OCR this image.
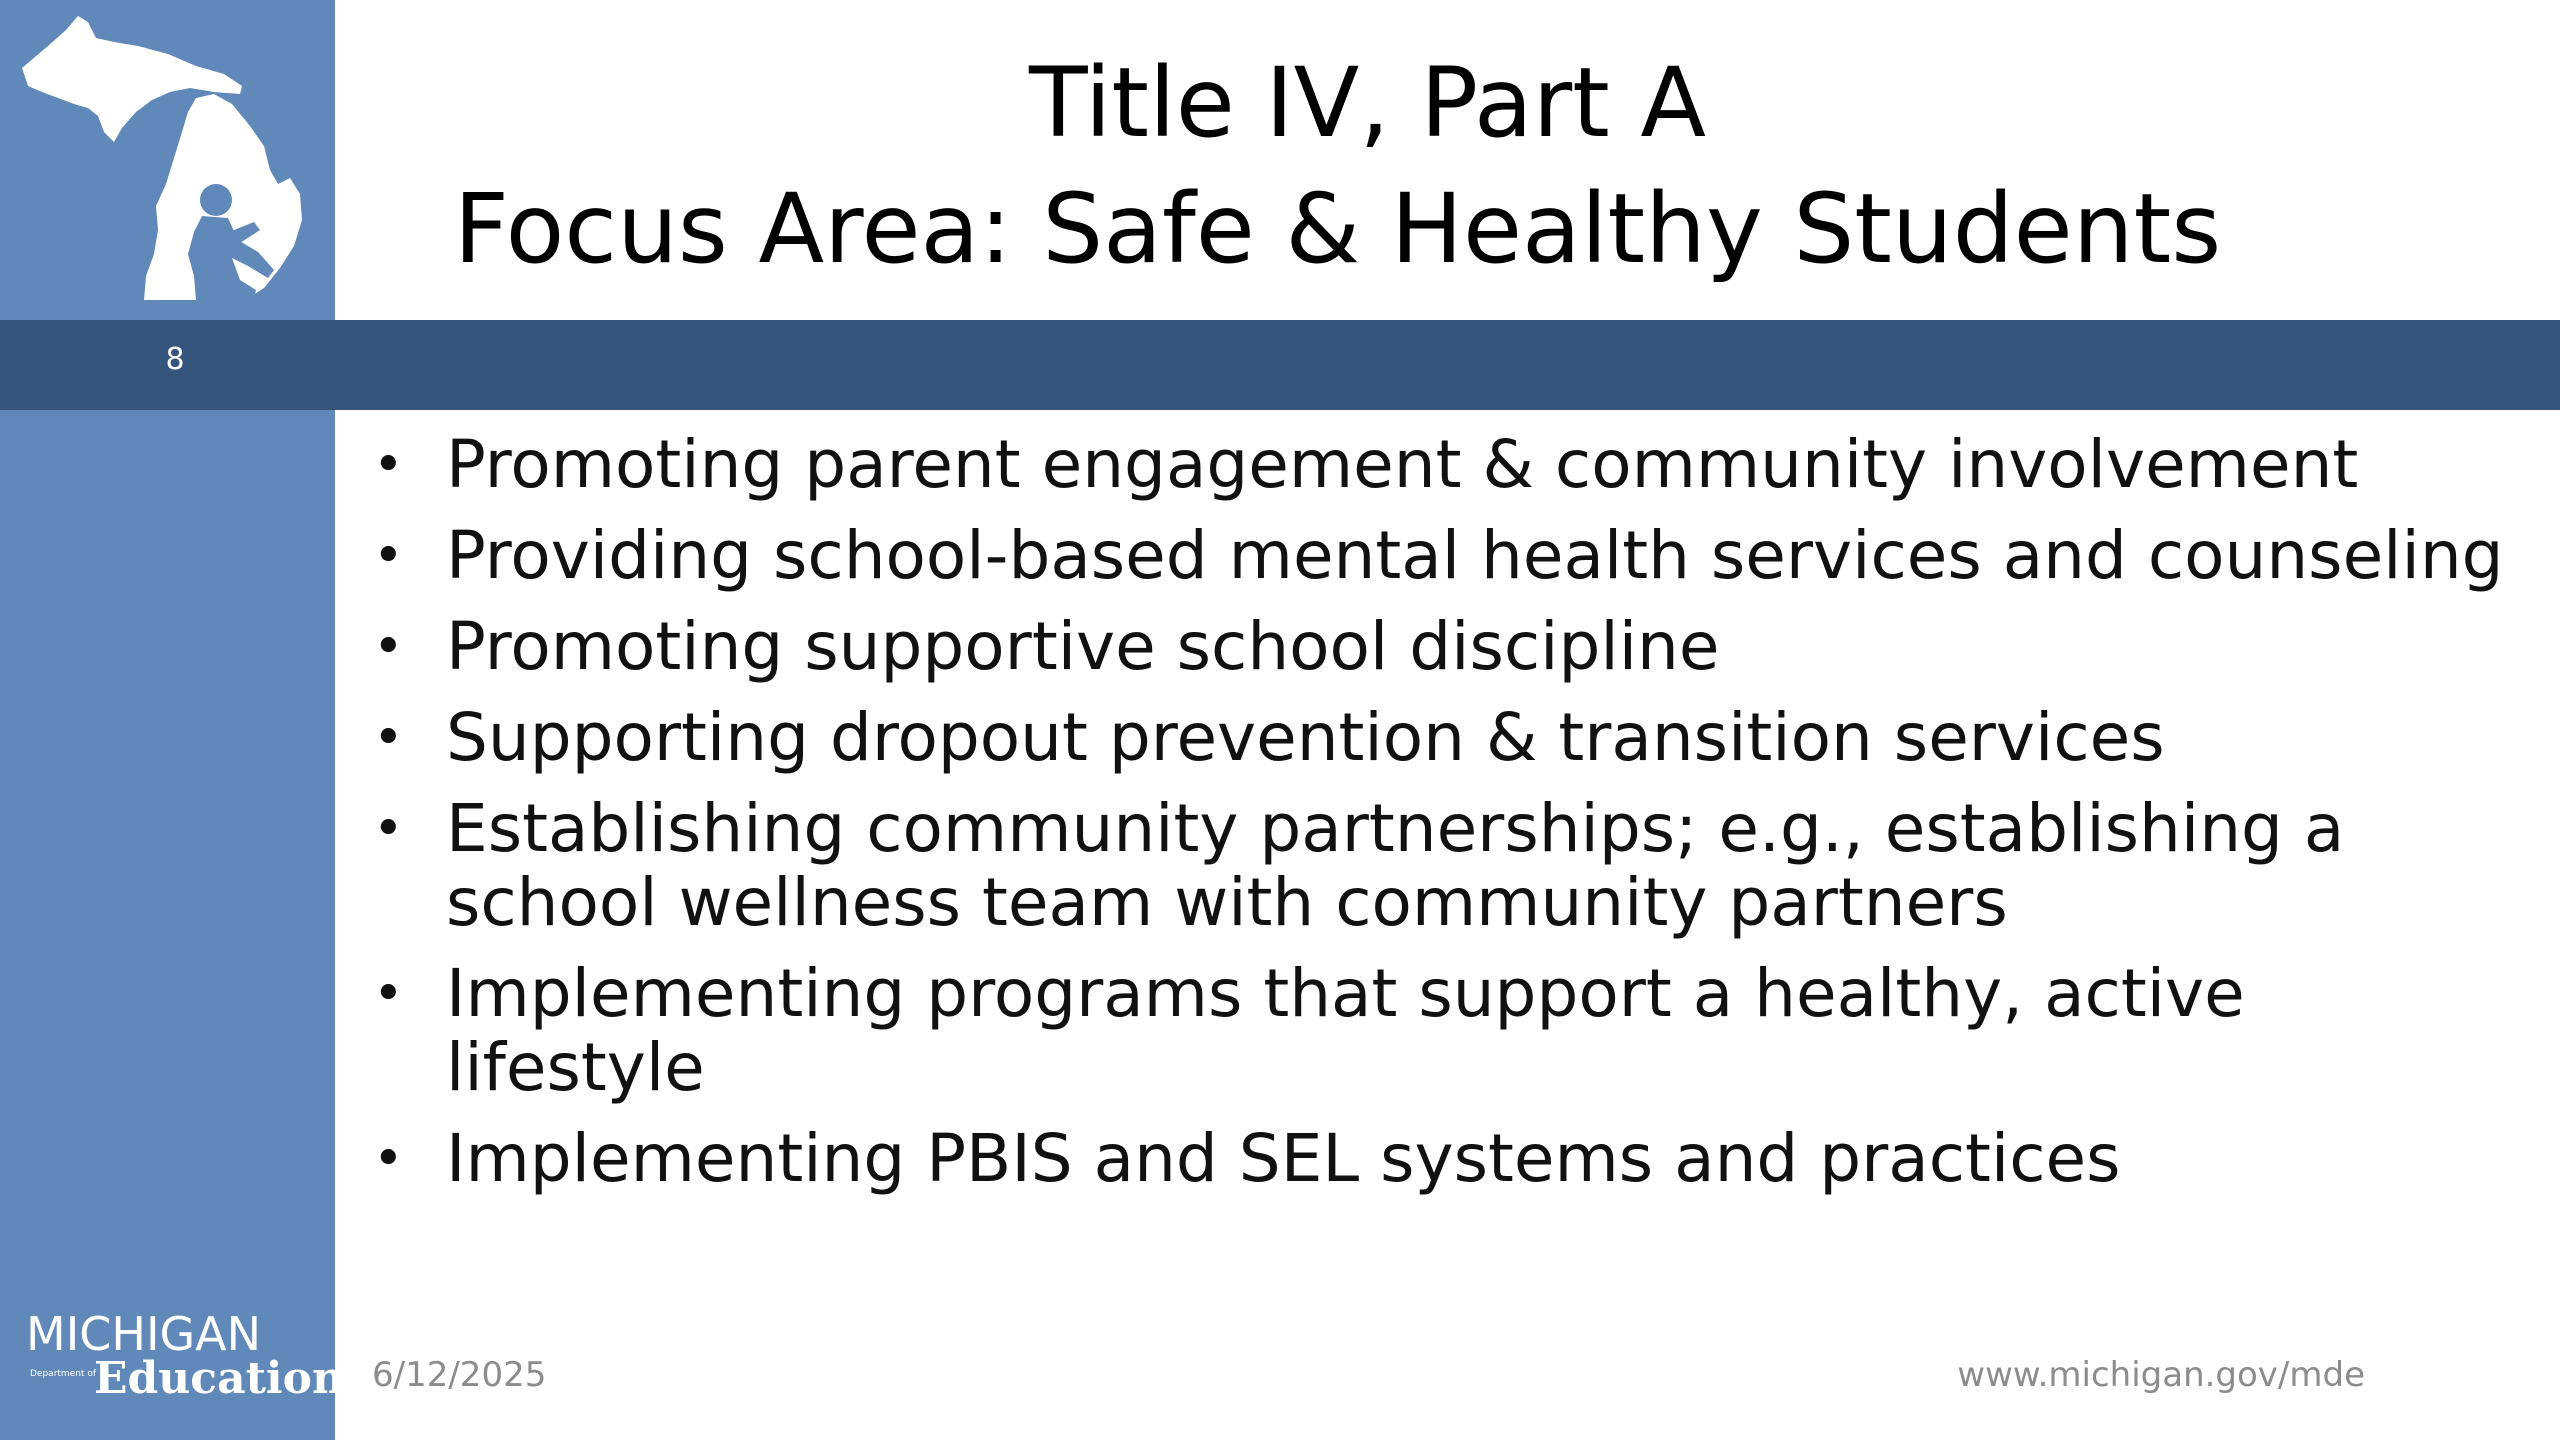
8
Title IV, Part A
Focus Area: Safe & Healthy Students
• Promoting parent engagement & community involvement
• Providing school-based mental health services and counseling
• Promoting supportive school discipline
• Supporting dropout prevention & transition services
• Establishing community partnerships; e.g., establishing a school wellness team with community partners
• Implementing programs that support a healthy, active lifestyle
• Implementing PBIS and SEL systems and practices
MICHIGAN
Department of
Education 6/12/2025	www.michigan.gov/mde
